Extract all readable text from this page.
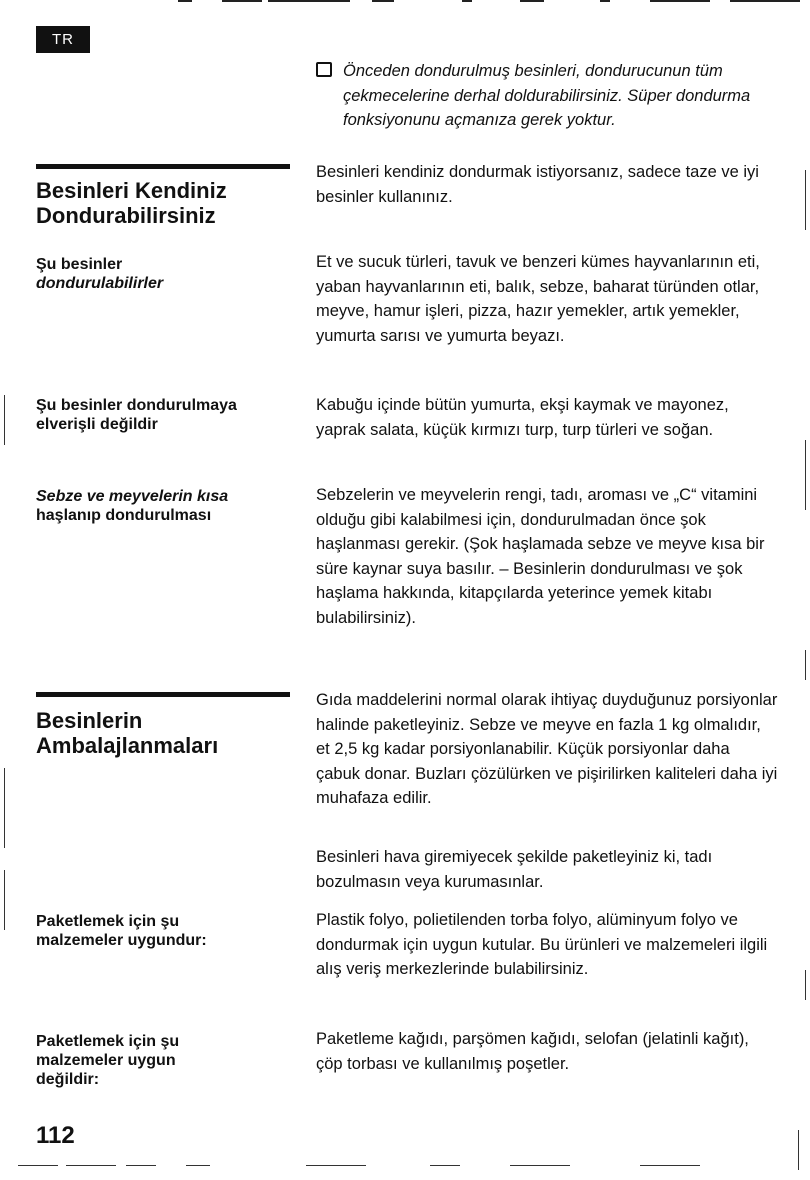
TR
Önceden dondurulmuş besinleri, dondurucunun tüm çekmecelerine derhal doldurabilirsiniz. Süper dondurma fonksiyonunu açmanıza gerek yoktur.
Besinleri Kendiniz
Dondurabilirsiniz
Besinleri kendiniz dondurmak istiyorsanız, sadece taze ve iyi besinler kullanınız.
Şu besinler
dondurulabilirler
Et ve sucuk türleri, tavuk ve benzeri kümes hayvanlarının eti, yaban hayvanlarının eti, balık, sebze, baharat türünden otlar, meyve, hamur işleri, pizza, hazır yemekler, artık yemekler, yumurta sarısı ve yumurta beyazı.
Şu besinler dondurulmaya
elverişli değildir
Kabuğu içinde bütün yumurta, ekşi kaymak ve mayonez, yaprak salata, küçük kırmızı turp, turp türleri ve soğan.
Sebze ve meyvelerin kısa
haşlanıp dondurulması
Sebzelerin ve meyvelerin rengi, tadı, aroması ve „C“ vitamini olduğu gibi kalabilmesi için, dondurulmadan önce şok haşlanması gerekir. (Şok haşlamada sebze ve meyve kısa bir süre kaynar suya basılır. – Besinlerin dondurulması ve şok haşlama hakkında, kitapçılarda yeterince yemek kitabı bulabilirsiniz).
Besinlerin
Ambalajlanmaları
Gıda maddelerini normal olarak ihtiyaç duyduğunuz porsiyonlar halinde paketleyiniz. Sebze ve meyve en fazla 1 kg olmalıdır, et 2,5 kg kadar porsiyonlanabilir. Küçük porsiyonlar daha çabuk donar. Buzları çözülürken ve pişirilirken kaliteleri daha iyi muhafaza edilir.
Besinleri hava giremiyecek şekilde paketleyiniz ki, tadı bozulmasın veya kurumasınlar.
Paketlemek için şu
malzemeler uygundur:
Plastik folyo, polietilenden torba folyo, alüminyum folyo ve dondurmak için uygun kutular. Bu ürünleri ve malzemeleri ilgili alış veriş merkezlerinde bulabilirsiniz.
Paketlemek için şu
malzemeler uygun
değildir:
Paketleme kağıdı, parşömen kağıdı, selofan (jelatinli kağıt), çöp torbası ve kullanılmış poşetler.
112
